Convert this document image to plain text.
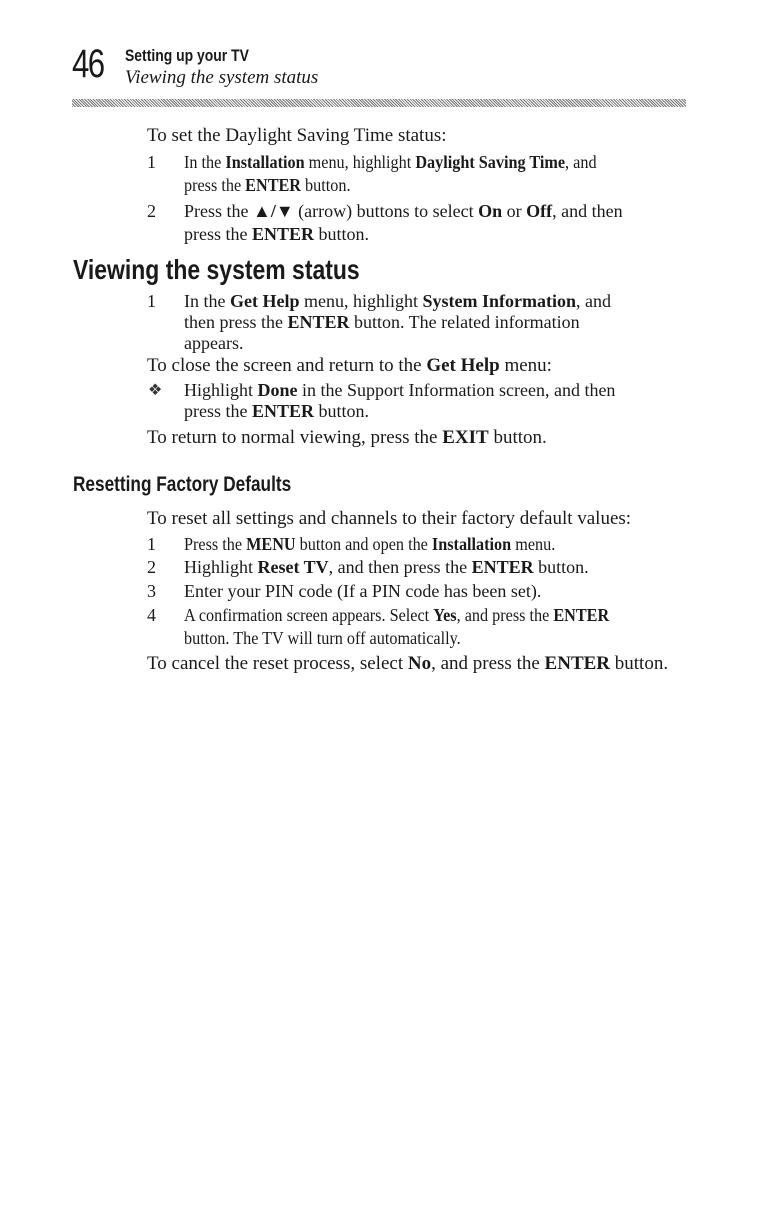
46 Setting up your TV
Viewing the system status
To set the Daylight Saving Time status:
1 In the Installation menu, highlight Daylight Saving Time, and
press the ENTER button.
2 Press the ▲/▼ (arrow) buttons to select On or Off, and then
press the ENTER button.
Viewing the system status
1 In the Get Help menu, highlight System Information, and
then press the ENTER button. The related information
appears.
To close the screen and return to the Get Help menu:
❖ Highlight Done in the Support Information screen, and then
press the ENTER button.
To return to normal viewing, press the EXIT button.
Resetting Factory Defaults
To reset all settings and channels to their factory default values:
1 Press the MENU button and open the Installation menu.
2 Highlight Reset TV, and then press the ENTER button.
3 Enter your PIN code (If a PIN code has been set).
4 A confirmation screen appears. Select Yes, and press the ENTER
button. The TV will turn off automatically.
To cancel the reset process, select No, and press the ENTER button.
